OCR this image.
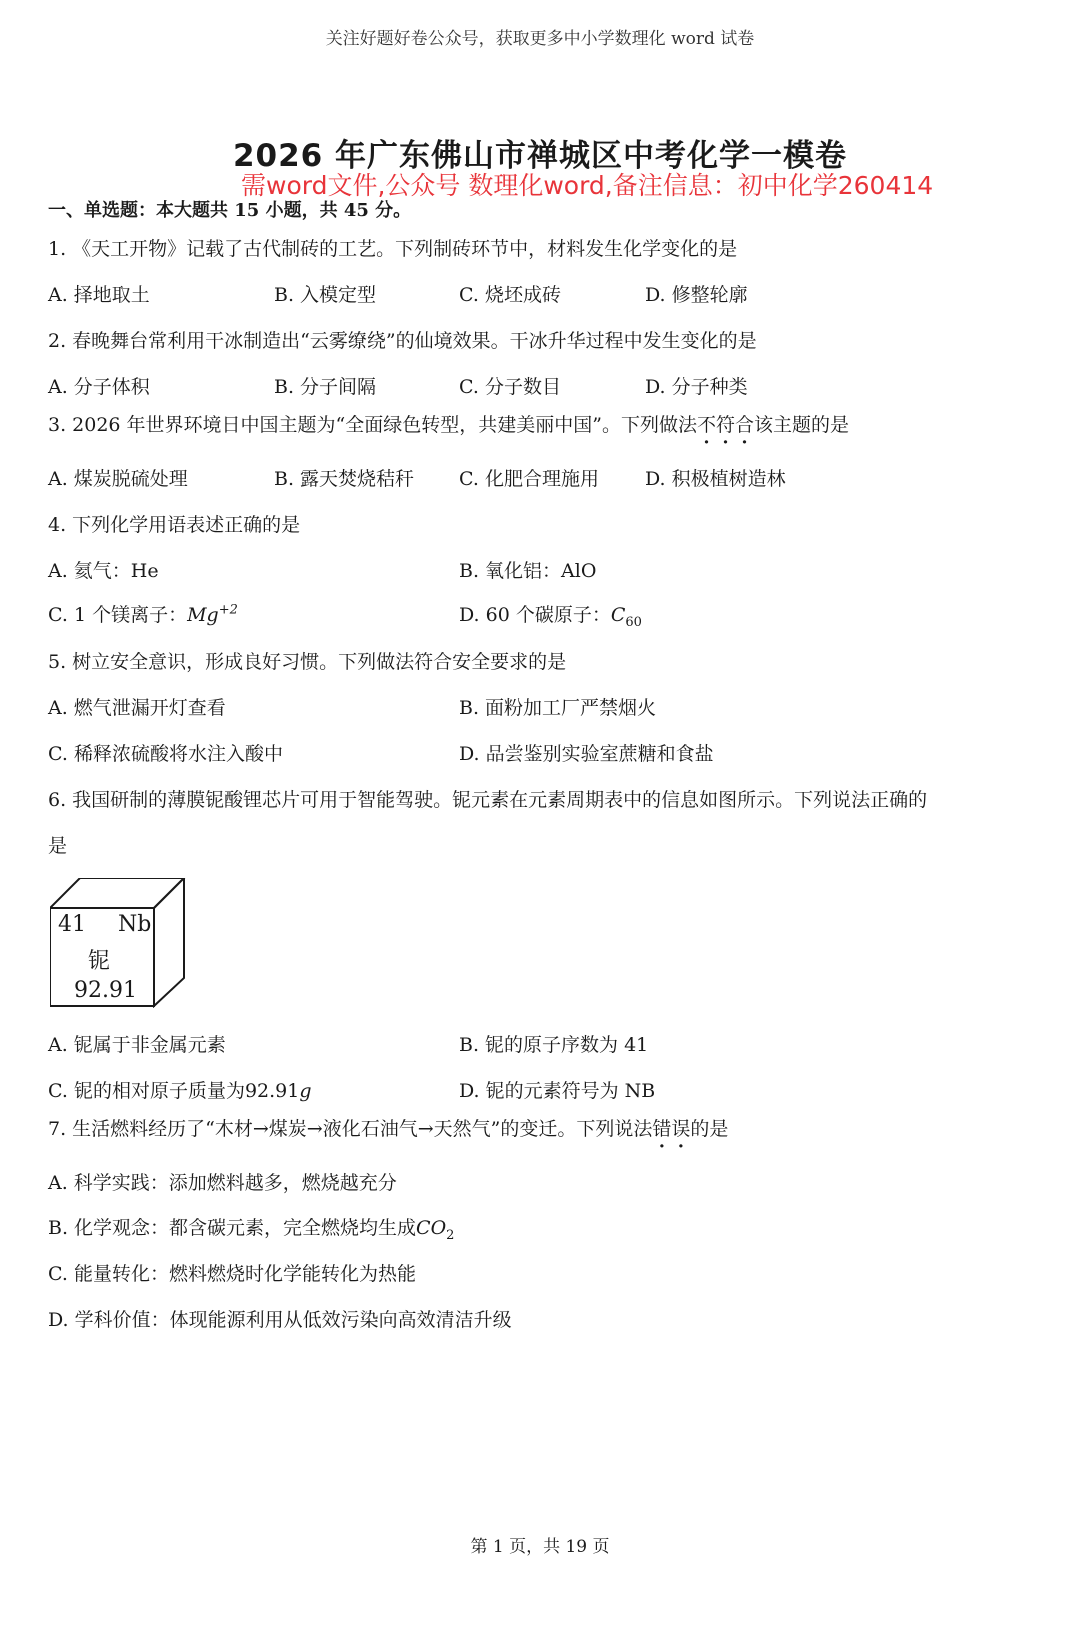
关注好题好卷公众号，获取更多中小学数理化 word 试卷
2026 年广东佛山市禅城区中考化学一模卷
需word文件,公众号 数理化word,备注信息：初中化学260414
一、单选题：本大题共 15 小题，共 45 分。
1. 《天工开物》记载了古代制砖的工艺。下列制砖环节中，材料发生化学变化的是
A. 择地取土	B. 入模定型	C. 烧坯成砖	D. 修整轮廓
2. 春晚舞台常利用干冰制造出“云雾缭绕”的仙境效果。干冰升华过程中发生变化的是
A. 分子体积	B. 分子间隔	C. 分子数目	D. 分子种类
3. 2026 年世界环境日中国主题为“全面绿色转型，共建美丽中国”。下列做法不符合该主题的是
A. 煤炭脱硫处理	B. 露天焚烧秸秆 C. 化肥合理施用 D. 积极植树造林
4. 下列化学用语表述正确的是
A. 氦气：He	B. 氧化铝：AlO
C. 1 个镁离子：$Mg^{+2}$	D. 60 个碳原子：$C_{60}$
5. 树立安全意识，形成良好习惯。下列做法符合安全要求的是
A. 燃气泄漏开灯查看	B. 面粉加工厂严禁烟火
C. 稀释浓硫酸将水注入酸中	D. 品尝鉴别实验室蔗糖和食盐
6. 我国研制的薄膜铌酸锂芯片可用于智能驾驶。铌元素在元素周期表中的信息如图所示。下列说法正确的
是
41 Nb
铌
92.91
A. 铌属于非金属元素	B. 铌的原子序数为 41
C. 铌的相对原子质量为92.91g	D. 铌的元素符号为 NB
7. 生活燃料经历了“木材→煤炭→液化石油气→天然气”的变迁。下列说法错误的是
A. 科学实践：添加燃料越多，燃烧越充分
B. 化学观念：都含碳元素，完全燃烧均生成$CO_2$
C. 能量转化：燃料燃烧时化学能转化为热能
D. 学科价值：体现能源利用从低效污染向高效清洁升级
第 1 页，共 19 页
